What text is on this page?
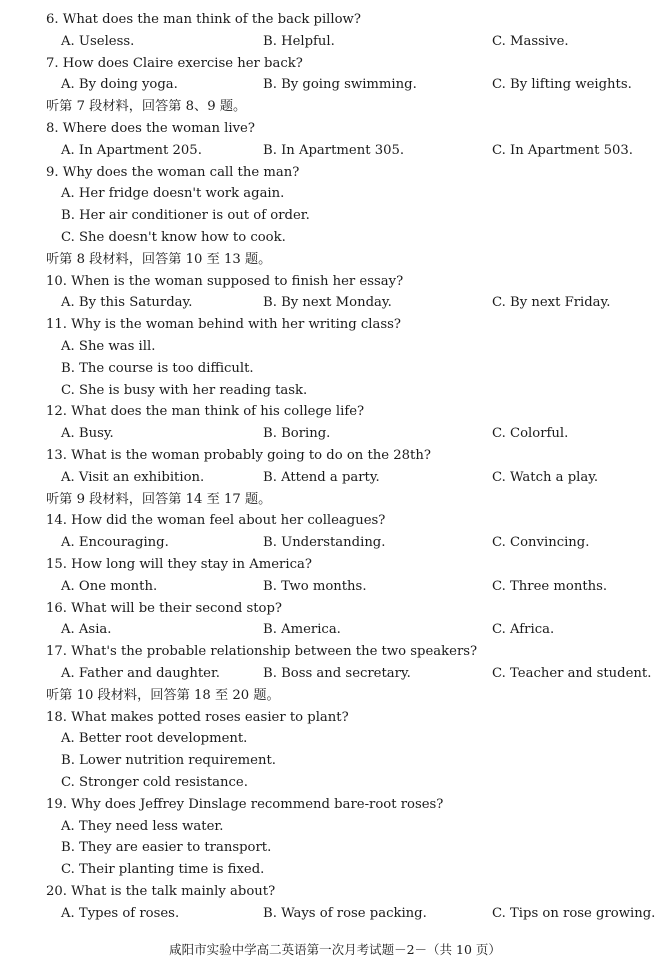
6. What does the man think of the back pillow?
A. Useless.	B. Helpful.	C. Massive.
7. How does Claire exercise her back?
A. By doing yoga.	B. By going swimming.	C. By lifting weights.
听第 7 段材料，回答第 8、9 题。
8. Where does the woman live?
A. In Apartment 205.	B. In Apartment 305.	C. In Apartment 503.
9. Why does the woman call the man?
A. Her fridge doesn't work again.
B. Her air conditioner is out of order.
C. She doesn't know how to cook.
听第 8 段材料，回答第 10 至 13 题。
10. When is the woman supposed to finish her essay?
A. By this Saturday.	B. By next Monday.	C. By next Friday.
11. Why is the woman behind with her writing class?
A. She was ill.
B. The course is too difficult.
C. She is busy with her reading task.
12. What does the man think of his college life?
A. Busy.	B. Boring.	C. Colorful.
13. What is the woman probably going to do on the 28th?
A. Visit an exhibition.	B. Attend a party.	C. Watch a play.
听第 9 段材料，回答第 14 至 17 题。
14. How did the woman feel about her colleagues?
A. Encouraging.	B. Understanding.	C. Convincing.
15. How long will they stay in America?
A. One month.	B. Two months.	C. Three months.
16. What will be their second stop?
A. Asia.	B. America.	C. Africa.
17. What's the probable relationship between the two speakers?
A. Father and daughter.	B. Boss and secretary.	C. Teacher and student.
听第 10 段材料，回答第 18 至 20 题。
18. What makes potted roses easier to plant?
A. Better root development.
B. Lower nutrition requirement.
C. Stronger cold resistance.
19. Why does Jeffrey Dinslage recommend bare-root roses?
A. They need less water.
B. They are easier to transport.
C. Their planting time is fixed.
20. What is the talk mainly about?
A. Types of roses.	B. Ways of rose packing.	C. Tips on rose growing.
咸阳市实验中学高二英语第一次月考试题－2－（共 10 页）
